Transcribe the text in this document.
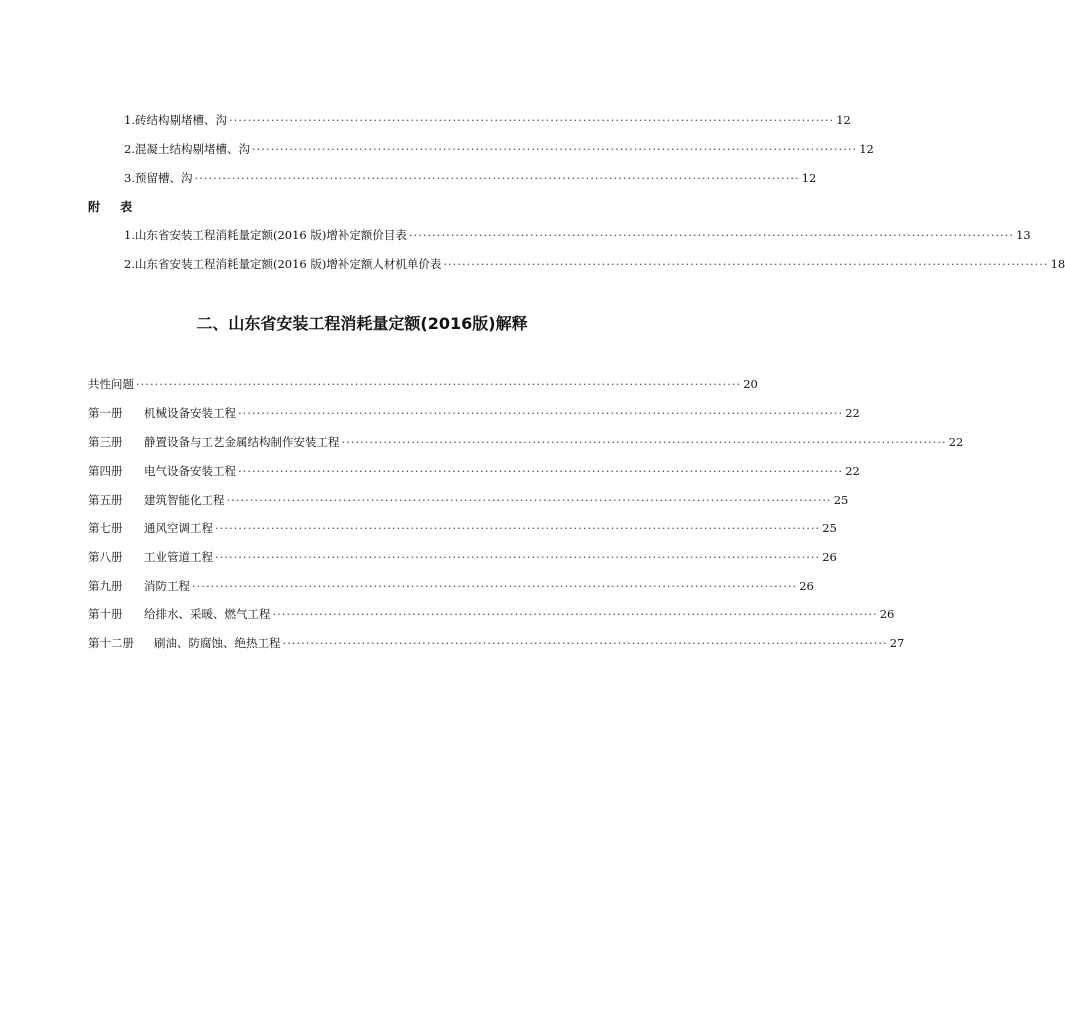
1.砖结构剔堵槽、沟 ·································································································································· 12
2.混凝土结构剔堵槽、沟 ·································································································································· 12
3.预留槽、沟 ·································································································································· 12
附 表
1.山东省安装工程消耗量定额(2016 版)增补定额价目表 ·································································································································· 13
2.山东省安装工程消耗量定额(2016 版)增补定额人材机单价表 ·································································································································· 18
二、山东省安装工程消耗量定额(2016版)解释
共性问题 ·································································································································· 20
第一册 机械设备安装工程 ·································································································································· 22
第三册 静置设备与工艺金属结构制作安装工程 ·································································································································· 22
第四册 电气设备安装工程 ·································································································································· 22
第五册 建筑智能化工程 ·································································································································· 25
第七册 通风空调工程 ·································································································································· 25
第八册 工业管道工程 ·································································································································· 26
第九册 消防工程 ·································································································································· 26
第十册 给排水、采暖、燃气工程 ·································································································································· 26
第十二册 刷油、防腐蚀、绝热工程 ·································································································································· 27
